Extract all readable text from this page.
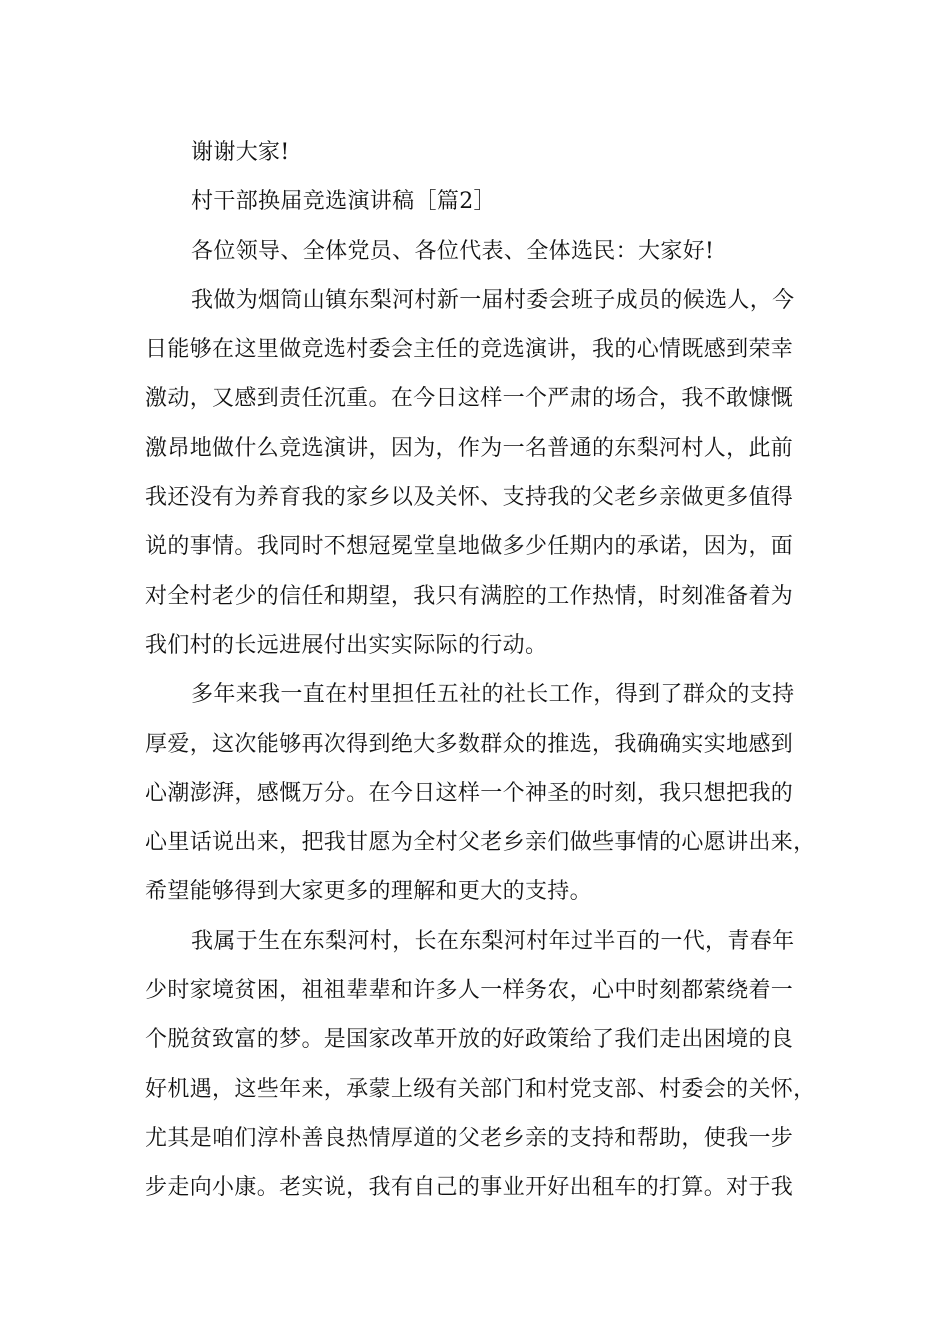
谢谢大家!
村干部换届竞选演讲稿［篇2］
各位领导、全体党员、各位代表、全体选民：大家好!
我做为烟筒山镇东梨河村新一届村委会班子成员的候选人，今
日能够在这里做竞选村委会主任的竞选演讲，我的心情既感到荣幸
激动，又感到责任沉重。在今日这样一个严肃的场合，我不敢慷慨
激昂地做什么竞选演讲，因为，作为一名普通的东梨河村人，此前
我还没有为养育我的家乡以及关怀、支持我的父老乡亲做更多值得
说的事情。我同时不想冠冕堂皇地做多少任期内的承诺，因为，面
对全村老少的信任和期望，我只有满腔的工作热情，时刻准备着为
我们村的长远进展付出实实际际的行动。
多年来我一直在村里担任五社的社长工作，得到了群众的支持
厚爱，这次能够再次得到绝大多数群众的推选，我确确实实地感到
心潮澎湃，感慨万分。在今日这样一个神圣的时刻，我只想把我的
心里话说出来，把我甘愿为全村父老乡亲们做些事情的心愿讲出来，
希望能够得到大家更多的理解和更大的支持。
我属于生在东梨河村，长在东梨河村年过半百的一代，青春年
少时家境贫困，祖祖辈辈和许多人一样务农，心中时刻都萦绕着一
个脱贫致富的梦。是国家改革开放的好政策给了我们走出困境的良
好机遇，这些年来，承蒙上级有关部门和村党支部、村委会的关怀，
尤其是咱们淳朴善良热情厚道的父老乡亲的支持和帮助，使我一步
步走向小康。老实说，我有自己的事业开好出租车的打算。对于我
